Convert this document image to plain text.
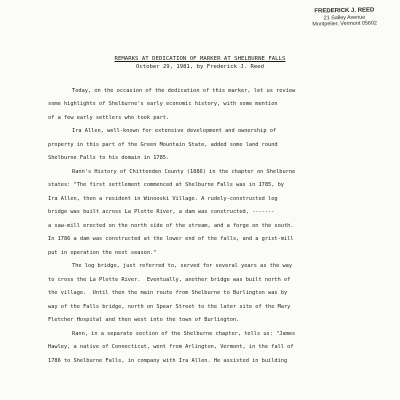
FREDERICK J. REED
21 Salley Avenue
Montpelier, Vermont 05602
REMARKS AT DEDICATION OF MARKER AT SHELBURNE FALLS
October 29, 1981, by Frederick J. Reed
Today, on the occasion of the dedication of this marker, let us review
some highlights of Shelburne's early economic history, with some mention
of a few early settlers who took part.
Ira Allen, well-known for extensive development and ownership of
property in this part of the Green Mountain State, added some land round
Shelburne Falls to his domain in 1785.
Rann's History of Chittenden County (1886) in the chapter on Shelburne
states: "The first settlement commenced at Shelburne Falls was in 1785, by
Ira Allen, then a resident in Winooski Village. A rudely-constructed log
bridge was built across La Plotte River, a dam was constructed, -------
a saw-mill erected on the north side of the stream, and a forge on the south.
In 1786 a dam was constructed at the lower end of the falls, and a grist-mill
put in operation the next season."
The log bridge, just referred to, served for several years as the way
to cross the La Plotte River.  Eventually, another bridge was built north of
the village.  Until then the main route from Shelburne to Burlington was by
way of the Falls bridge, north on Spear Street to the later site of the Mary
Fletcher Hospital and then west into the town of Burlington.
Rann, in a separate section of the Shelburne chapter, tells us: "James
Hawley, a native of Connecticut, went from Arlington, Vermont, in the fall of
1786 to Shelburne Falls, in company with Ira Allen. He assisted in building
